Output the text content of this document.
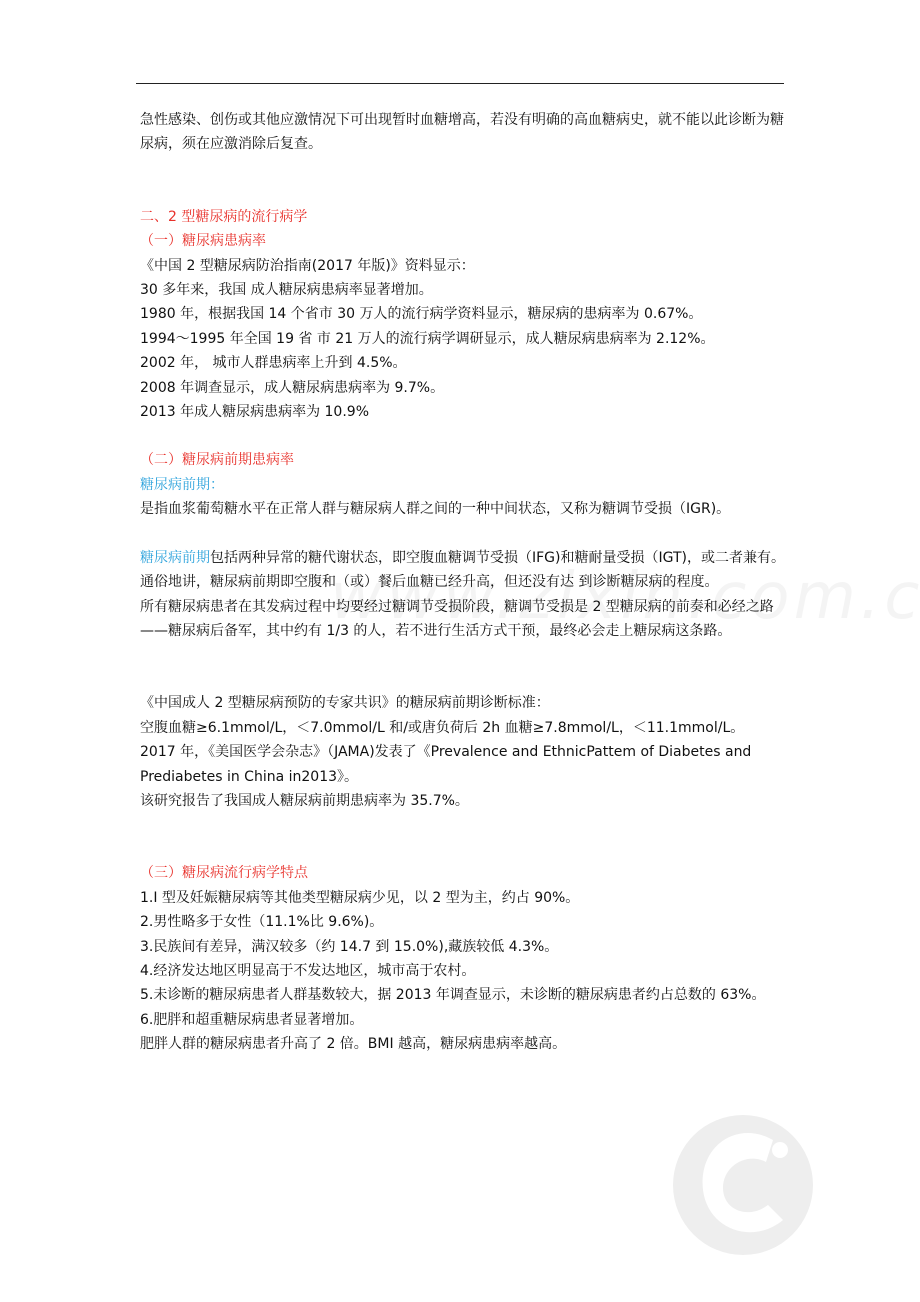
急性感染、创伤或其他应激情况下可出现暂时血糖增高，若没有明确的高血糖病史，就不能以此诊断为糖尿病，须在应激消除后复查。

二、2 型糖尿病的流行病学

（一）糖尿病患病率

《中国 2 型糖尿病防治指南(2017 年版)》资料显示：

30 多年来，我国 成人糖尿病患病率显著增加。

1980 年，根据我国 14 个省市 30 万人的流行病学资料显示，糖尿病的患病率为 0.67%。

1994～1995 年全国 19 省 市 21 万人的流行病学调研显示，成人糖尿病患病率为 2.12%。

2002 年， 城市人群患病率上升到 4.5%。

2008 年调查显示，成人糖尿病患病率为 9.7%。

2013 年成人糖尿病患病率为 10.9%

（二）糖尿病前期患病率

糖尿病前期：

是指血浆葡萄糖水平在正常人群与糖尿病人群之间的一种中间状态，又称为糖调节受损（IGR)。

糖尿病前期包括两种异常的糖代谢状态，即空腹血糖调节受损（IFG)和糖耐量受损（IGT)，或二者兼有。

通俗地讲，糖尿病前期即空腹和（或）餐后血糖已经升高，但还没有达 到诊断糖尿病的程度。

所有糖尿病患者在其发病过程中均要经过糖调节受损阶段，糖调节受损是 2 型糖尿病的前奏和必经之路——糖尿病后备军，其中约有 1/3 的人，若不进行生活方式干预，最终必会走上糖尿病这条路。

《中国成人 2 型糖尿病预防的专家共识》的糖尿病前期诊断标准：

空腹血糖≥6.1mmol/L，＜7.0mmol/L 和/或唐负荷后 2h 血糖≥7.8mmol/L，＜11.1mmol/L。

2017 年，《美国医学会杂志》（JAMA)发表了《Prevalence and EthnicPattem of Diabetes and Prediabetes in China in2013》。

该研究报告了我国成人糖尿病前期患病率为 35.7%。

（三）糖尿病流行病学特点

1.I 型及妊娠糖尿病等其他类型糖尿病少见，以 2 型为主，约占 90%。

2.男性略多于女性（11.1%比 9.6%)。

3.民族间有差异，满汉较多（约 14.7 到 15.0%),藏族较低 4.3%。

4.经济发达地区明显高于不发达地区，城市高于农村。

5.未诊断的糖尿病患者人群基数较大，据 2013 年调查显示，未诊断的糖尿病患者约占总数的 63%。

6.肥胖和超重糖尿病患者显著增加。

肥胖人群的糖尿病患者升高了 2 倍。BMI 越高，糖尿病患病率越高。
